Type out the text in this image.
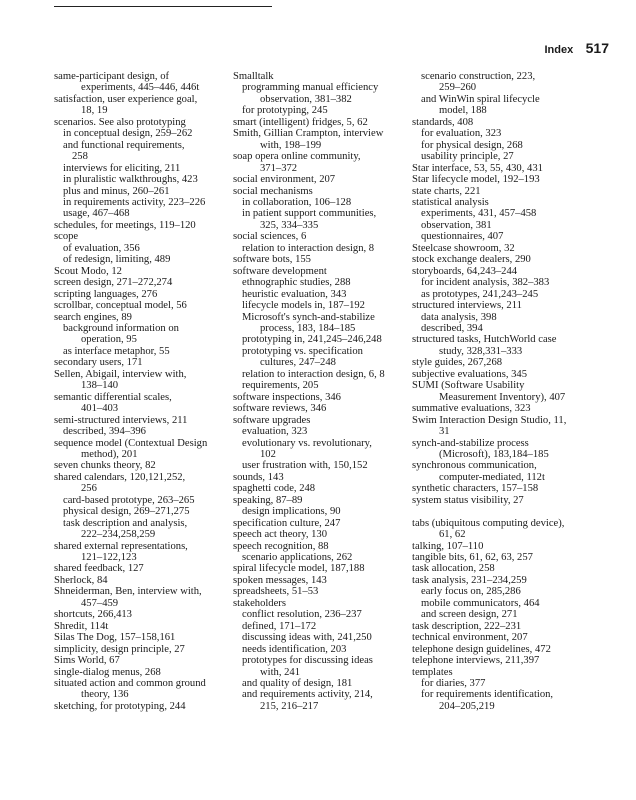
Index 517
same-participant design, of
experiments, 445–446, 446t
satisfaction, user experience goal,
18, 19
scenarios. See also prototyping
in conceptual design, 259–262
and functional requirements,
258
interviews for eliciting, 211
in pluralistic walkthroughs, 423
plus and minus, 260–261
in requirements activity, 223–226
usage, 467–468
schedules, for meetings, 119–120
scope
of evaluation, 356
of redesign, limiting, 489
Scout Modo, 12
screen design, 271–272,274
scripting languages, 276
scrollbar, conceptual model, 56
search engines, 89
background information on
operation, 95
as interface metaphor, 55
secondary users, 171
Sellen, Abigail, interview with,
138–140
semantic differential scales,
401–403
semi-structured interviews, 211
described, 394–396
sequence model (Contextual Design
method), 201
seven chunks theory, 82
shared calendars, 120,121,252,
256
card-based prototype, 263–265
physical design, 269–271,275
task description and analysis,
222–234,258,259
shared external representations,
121–122,123
shared feedback, 127
Sherlock, 84
Shneiderman, Ben, interview with,
457–459
shortcuts, 266,413
Shredit, 114t
Silas The Dog, 157–158,161
simplicity, design principle, 27
Sims World, 67
single-dialog menus, 268
situated action and common ground
theory, 136
sketching, for prototyping, 244
Smalltalk
programming manual efficiency
observation, 381–382
for prototyping, 245
smart (intelligent) fridges, 5, 62
Smith, Gillian Crampton, interview
with, 198–199
soap opera online community,
371–372
social environment, 207
social mechanisms
in collaboration, 106–128
in patient support communities,
325, 334–335
social sciences, 6
relation to interaction design, 8
software bots, 155
software development
ethnographic studies, 288
heuristic evaluation, 343
lifecycle models in, 187–192
Microsoft's synch-and-stabilize
process, 183, 184–185
prototyping in, 241,245–246,248
prototyping vs. specification
cultures, 247–248
relation to interaction design, 6, 8
requirements, 205
software inspections, 346
software reviews, 346
software upgrades
evaluation, 323
evolutionary vs. revolutionary,
102
user frustration with, 150,152
sounds, 143
spaghetti code, 248
speaking, 87–89
design implications, 90
specification culture, 247
speech act theory, 130
speech recognition, 88
scenario applications, 262
spiral lifecycle model, 187,188
spoken messages, 143
spreadsheets, 51–53
stakeholders
conflict resolution, 236–237
defined, 171–172
discussing ideas with, 241,250
needs identification, 203
prototypes for discussing ideas
with, 241
and quality of design, 181
and requirements activity, 214,
215, 216–217
scenario construction, 223,
259–260
and WinWin spiral lifecycle
model, 188
standards, 408
for evaluation, 323
for physical design, 268
usability principle, 27
Star interface, 53, 55, 430, 431
Star lifecycle model, 192–193
state charts, 221
statistical analysis
experiments, 431, 457–458
observation, 381
questionnaires, 407
Steelcase showroom, 32
stock exchange dealers, 290
storyboards, 64,243–244
for incident analysis, 382–383
as prototypes, 241,243–245
structured interviews, 211
data analysis, 398
described, 394
structured tasks, HutchWorld case
study, 328,331–333
style guides, 267,268
subjective evaluations, 345
SUMI (Software Usability
Measurement Inventory), 407
summative evaluations, 323
Swim Interaction Design Studio, 11,
31
synch-and-stabilize process
(Microsoft), 183,184–185
synchronous communication,
computer-mediated, 112t
synthetic characters, 157–158
system status visibility, 27
tabs (ubiquitous computing device),
61, 62
talking, 107–110
tangible bits, 61, 62, 63, 257
task allocation, 258
task analysis, 231–234,259
early focus on, 285,286
mobile communicators, 464
and screen design, 271
task description, 222–231
technical environment, 207
telephone design guidelines, 472
telephone interviews, 211,397
templates
for diaries, 377
for requirements identification,
204–205,219
